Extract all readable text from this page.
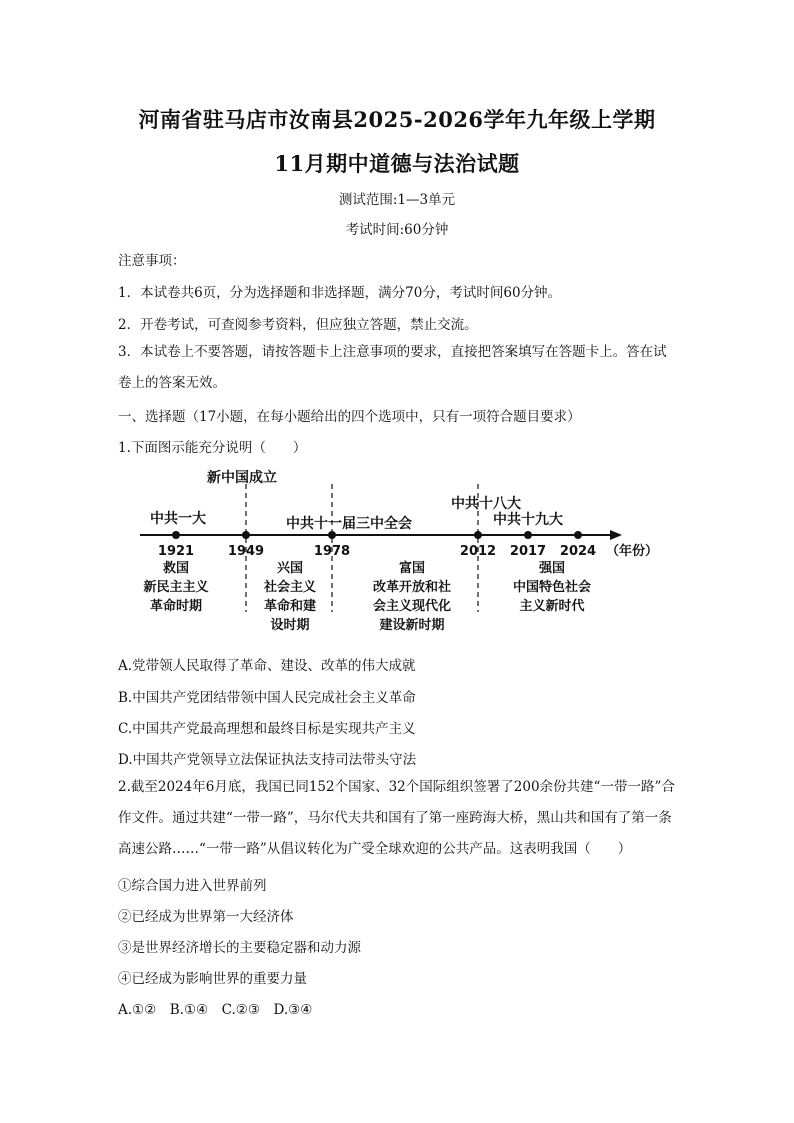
河南省驻马店市汝南县2025-2026学年九年级上学期
11月期中道德与法治试题
测试范围:1—3单元
考试时间:60分钟
注意事项：
1．本试卷共6页，分为选择题和非选择题，满分70分，考试时间60分钟。
2．开卷考试，可查阅参考资料，但应独立答题，禁止交流。
3．本试卷上不要答题，请按答题卡上注意事项的要求，直接把答案填写在答题卡上。答在试卷上的答案无效。
一、选择题（17小题，在每小题给出的四个选项中，只有一项符合题目要求）
1.下面图示能充分说明（　　）
新中国成立
中共一大	中共十一届三中全会
中共十八大
中共十九大
1921	1949	1978	2012 2017 2024 （年份）
救国
新民主主义
革命时期
兴国
社会主义
革命和建
设时期
富国
改革开放和社
会主义现代化
建设新时期
强国
中国特色社会
主义新时代
A.党带领人民取得了革命、建设、改革的伟大成就
B.中国共产党团结带领中国人民完成社会主义革命
C.中国共产党最高理想和最终目标是实现共产主义
D.中国共产党领导立法保证执法支持司法带头守法
2.截至2024年6月底，我国已同152个国家、32个国际组织签署了200余份共建“一带一路”合作文件。通过共建“一带一路”，马尔代夫共和国有了第一座跨海大桥，黑山共和国有了第一条高速公路……“一带一路”从倡议转化为广受全球欢迎的公共产品。这表明我国（　　）
①综合国力进入世界前列
②已经成为世界第一大经济体
③是世界经济增长的主要稳定器和动力源
④已经成为影响世界的重要力量
A.①②　B.①④　C.②③　D.③④
